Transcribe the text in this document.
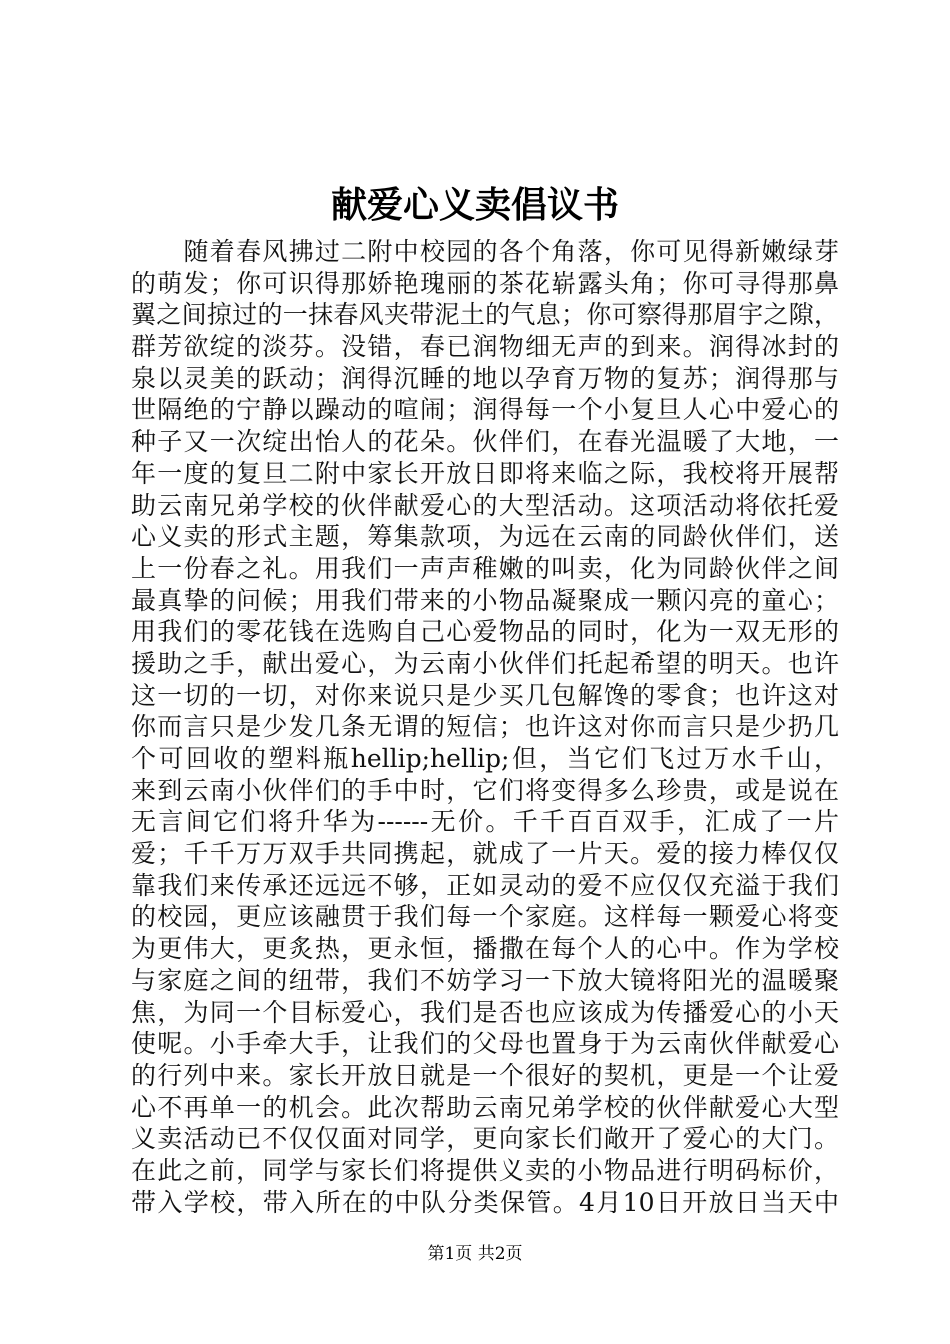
献爱心义卖倡议书
　　随着春风拂过二附中校园的各个角落，你可见得新嫩绿芽
的萌发；你可识得那娇艳瑰丽的茶花崭露头角；你可寻得那鼻
翼之间掠过的一抹春风夹带泥土的气息；你可察得那眉宇之隙，
群芳欲绽的淡芬。没错，春已润物细无声的到来。润得冰封的
泉以灵美的跃动；润得沉睡的地以孕育万物的复苏；润得那与
世隔绝的宁静以躁动的喧闹；润得每一个小复旦人心中爱心的
种子又一次绽出怡人的花朵。伙伴们，在春光温暖了大地，一
年一度的复旦二附中家长开放日即将来临之际，我校将开展帮
助云南兄弟学校的伙伴献爱心的大型活动。这项活动将依托爱
心义卖的形式主题，筹集款项，为远在云南的同龄伙伴们，送
上一份春之礼。用我们一声声稚嫩的叫卖，化为同龄伙伴之间
最真挚的问候；用我们带来的小物品凝聚成一颗闪亮的童心；
用我们的零花钱在选购自己心爱物品的同时，化为一双无形的
援助之手，献出爱心，为云南小伙伴们托起希望的明天。也许
这一切的一切，对你来说只是少买几包解馋的零食；也许这对
你而言只是少发几条无谓的短信；也许这对你而言只是少扔几
个可回收的塑料瓶hellip;hellip;但，当它们飞过万水千山，
来到云南小伙伴们的手中时，它们将变得多么珍贵，或是说在
无言间它们将升华为------无价。千千百百双手，汇成了一片
爱；千千万万双手共同携起，就成了一片天。爱的接力棒仅仅
靠我们来传承还远远不够，正如灵动的爱不应仅仅充溢于我们
的校园，更应该融贯于我们每一个家庭。这样每一颗爱心将变
为更伟大，更炙热，更永恒，播撒在每个人的心中。作为学校
与家庭之间的纽带，我们不妨学习一下放大镜将阳光的温暖聚
焦，为同一个目标爱心，我们是否也应该成为传播爱心的小天
使呢。小手牵大手，让我们的父母也置身于为云南伙伴献爱心
的行列中来。家长开放日就是一个很好的契机，更是一个让爱
心不再单一的机会。此次帮助云南兄弟学校的伙伴献爱心大型
义卖活动已不仅仅面对同学，更向家长们敞开了爱心的大门。
在此之前，同学与家长们将提供义卖的小物品进行明码标价，
带入学校，带入所在的中队分类保管。4月10日开放日当天中
第1页 共2页
